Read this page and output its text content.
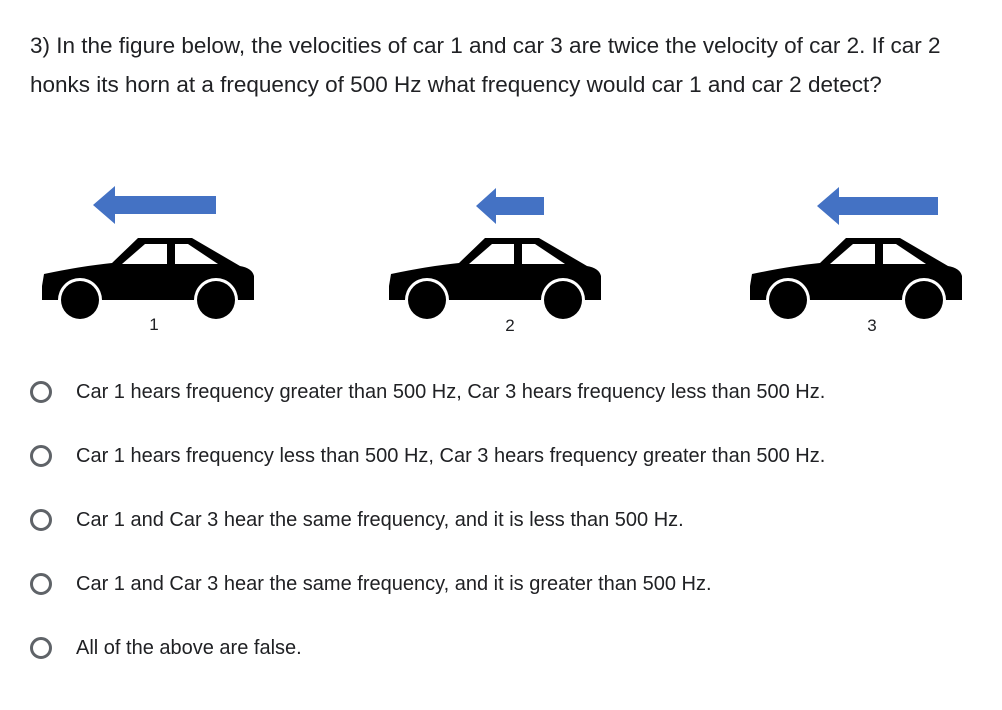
3) In the figure below, the velocities of car 1 and car 3 are twice the velocity of car 2. If car 2 honks its horn at a frequency of 500 Hz what frequency would car 1 and car 2 detect?

1	2	3
Car 1 hears frequency greater than 500 Hz, Car 3 hears frequency less than 500 Hz.
Car 1 hears frequency less than 500 Hz, Car 3 hears frequency greater than 500 Hz.
Car 1 and Car 3 hear the same frequency, and it is less than 500 Hz.
Car 1 and Car 3 hear the same frequency, and it is greater than 500 Hz.
All of the above are false.
